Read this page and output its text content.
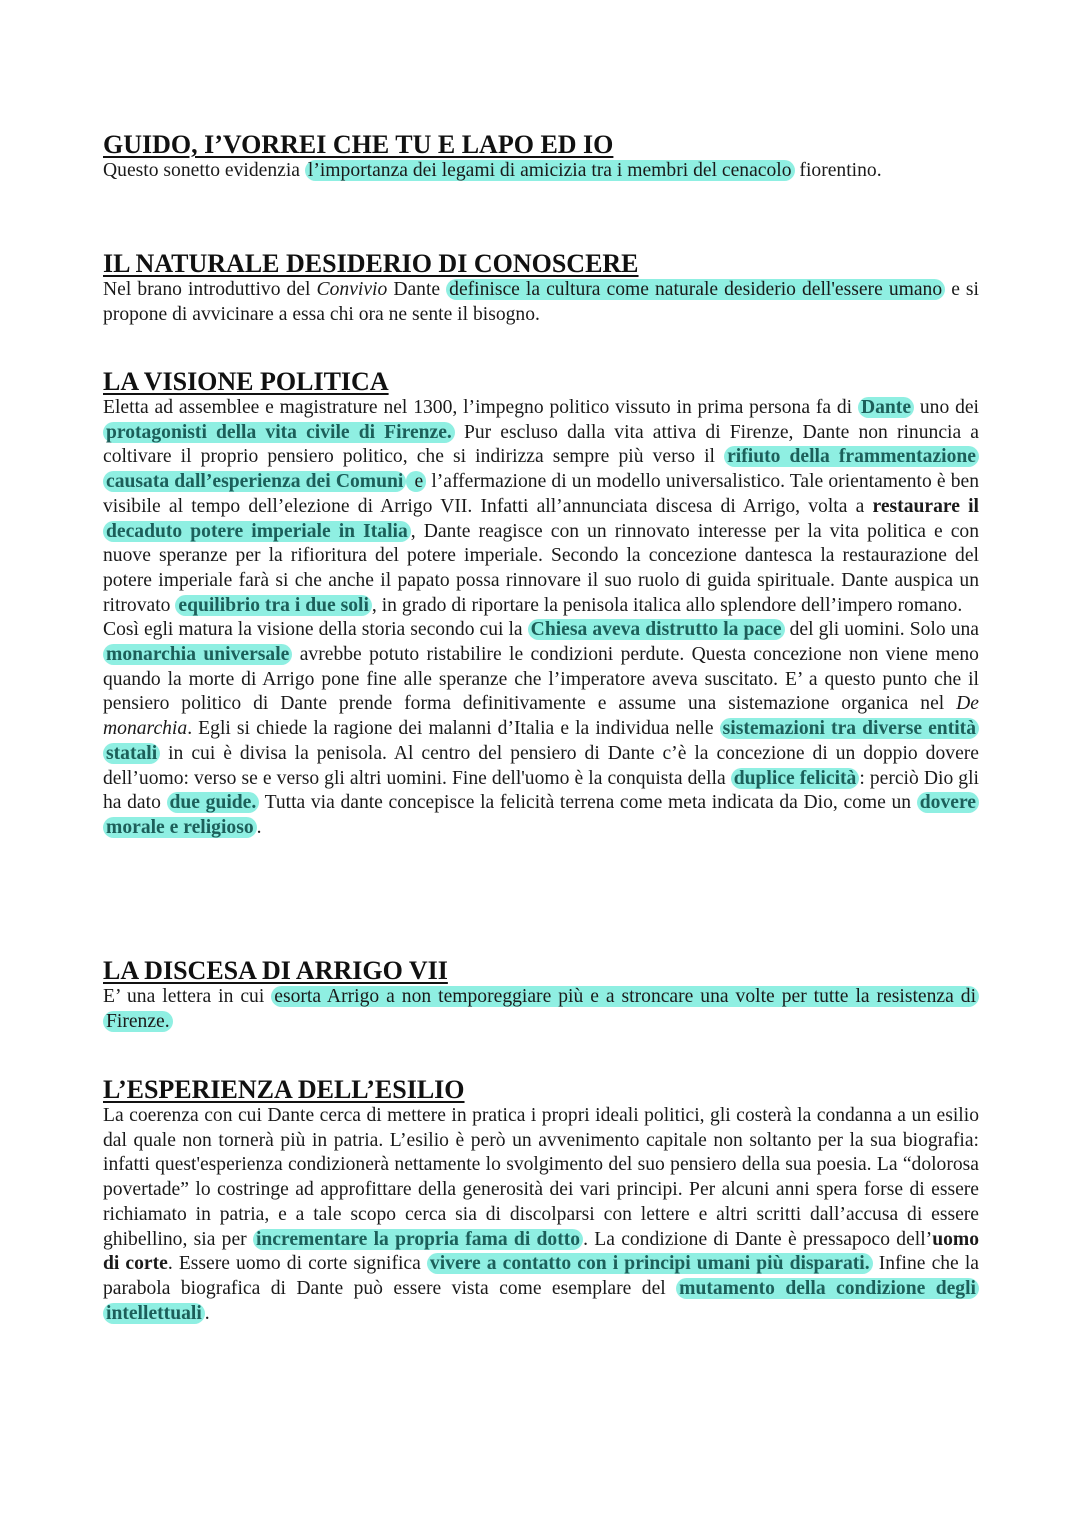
GUIDO, I’VORREI CHE TU E LAPO ED IO

Questo sonetto evidenzia l’importanza dei legami di amicizia tra i membri del cenacolo fiorentino.

IL NATURALE DESIDERIO DI CONOSCERE

Nel brano introduttivo del Convivio Dante definisce la cultura come naturale desiderio dell'essere umano e si propone di avvicinare a essa chi ora ne sente il bisogno.

LA VISIONE POLITICA

Eletta ad assemblee e magistrature nel 1300, l’impegno politico vissuto in prima persona fa di Dante uno dei protagonisti della vita civile di Firenze. Pur escluso dalla vita attiva di Firenze, Dante non rinuncia a coltivare il proprio pensiero politico, che si indirizza sempre più verso il rifiuto della frammentazione causata dall’esperienza dei Comuni e l’affermazione di un modello universalistico. Tale orientamento è ben visibile al tempo dell’elezione di Arrigo VII. Infatti all’annunciata discesa di Arrigo, volta a restaurare il decaduto potere imperiale in Italia , Dante reagisce con un rinnovato interesse per la vita politica e con nuove speranze per la rifioritura del potere imperiale. Secondo la concezione dantesca la restaurazione del potere imperiale farà si che anche il papato possa rinnovare il suo ruolo di guida spirituale. Dante auspica un ritrovato equilibrio tra i due soli , in grado di riportare la penisola italica allo splendore dell’impero romano.

Così egli matura la visione della storia secondo cui la Chiesa aveva distrutto la pace del gli uomini. Solo una monarchia universale avrebbe potuto ristabilire le condizioni perdute. Questa concezione non viene meno quando la morte di Arrigo pone fine alle speranze che l’imperatore aveva suscitato. E’ a questo punto che il pensiero politico di Dante prende forma definitivamente e assume una sistemazione organica nel De monarchia. Egli si chiede la ragione dei malanni d’Italia e la individua nelle sistemazioni tra diverse entità statali in cui è divisa la penisola. Al centro del pensiero di Dante c’è la concezione di un doppio dovere dell’uomo: verso se e verso gli altri uomini. Fine dell'uomo è la conquista della duplice felicità : perciò Dio gli ha dato due guide. Tutta via dante concepisce la felicità terrena come meta indicata da Dio, come un dovere morale e religioso .

LA DISCESA DI ARRIGO VII

E’ una lettera in cui esorta Arrigo a non temporeggiare più e a stroncare una volte per tutte la resistenza di Firenze.

L’ESPERIENZA DELL’ESILIO

La coerenza con cui Dante cerca di mettere in pratica i propri ideali politici, gli costerà la condanna a un esilio dal quale non tornerà più in patria. L’esilio è però un avvenimento capitale non soltanto per la sua biografia: infatti quest'esperienza condizionerà nettamente lo svolgimento del suo pensiero della sua poesia. La “dolorosa povertade” lo costringe ad approfittare della generosità dei vari principi. Per alcuni anni spera forse di essere richiamato in patria, e a tale scopo cerca sia di discolparsi con lettere e altri scritti dall’accusa di essere ghibellino, sia per incrementare la propria fama di dotto . La condizione di Dante è pressapoco dell’uomo di corte. Essere uomo di corte significa vivere a contatto con i principi umani più disparati. Infine che la parabola biografica di Dante può essere vista come esemplare del mutamento della condizione degli intellettuali .
